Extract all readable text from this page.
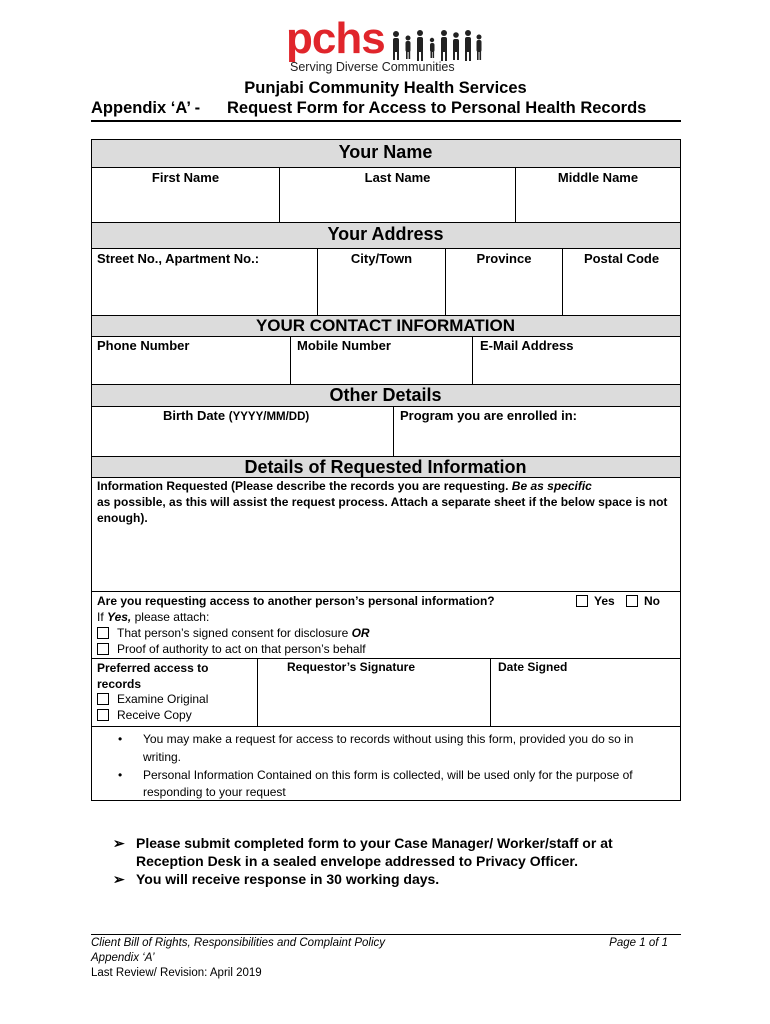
pchs
Serving Diverse Communities
Punjabi Community Health Services
Appendix ‘A’ - Request Form for Access to Personal Health Records
Your Name
First Name	Last Name	Middle Name
Your Address
Street No., Apartment No.:	City/Town	Province	Postal Code
YOUR CONTACT INFORMATION
Phone Number	Mobile Number	E-Mail Address
Other Details
Birth Date (YYYY/MM/DD)	Program you are enrolled in:
Details of Requested Information
Information Requested (Please describe the records you are requesting. Be as specific
as possible, as this will assist the request process. Attach a separate sheet if the below space is not enough).
Are you requesting access to another person’s personal information?	Yes	No
If Yes, please attach:
That person’s signed consent for disclosure OR
Proof of authority to act on that person’s behalf
Preferred access to records
Examine Original
Receive Copy
Requestor’s Signature	Date Signed
• You may make a request for access to records without using this form, provided you do so in writing.
• Personal Information Contained on this form is collected, will be used only for the purpose of responding to your request
➢ Please submit completed form to your Case Manager/ Worker/staff or at Reception Desk in a sealed envelope addressed to Privacy Officer.
➢ You will receive response in 30 working days.
Client Bill of Rights, Responsibilities and Complaint Policy
Appendix ‘A’
Last Review/ Revision: April 2019
Page 1 of 1
